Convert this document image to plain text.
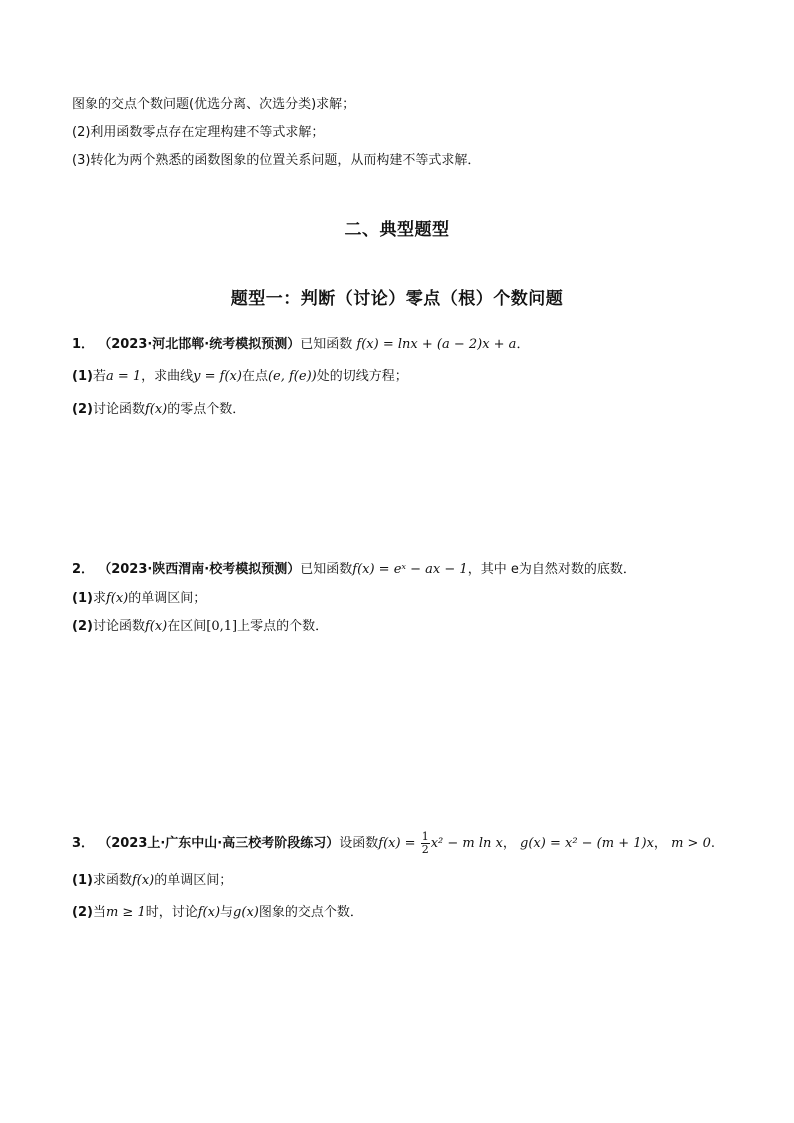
图象的交点个数问题(优选分离、次选分类)求解；
(2)利用函数零点存在定理构建不等式求解；
(3)转化为两个熟悉的函数图象的位置关系问题，从而构建不等式求解．
二、典型题型
题型一：判断（讨论）零点（根）个数问题
1． （2023·河北邯郸·统考模拟预测）已知函数 f(x) = lnx + (a − 2)x + a．
(1)若a = 1，求曲线y = f(x)在点(e, f(e))处的切线方程；
(2)讨论函数f(x)的零点个数．
2． （2023·陕西渭南·校考模拟预测）已知函数f(x) = eˣ − ax − 1，其中 e为自然对数的底数．
(1)求f(x)的单调区间；
(2)讨论函数f(x)在区间[0,1]上零点的个数．
3． （2023上·广东中山·高三校考阶段练习）设函数$f(x) = \frac{1}{2} x^2 - m$ ln x， g(x) = x² − (m + 1)x， m > 0.
(1)求函数f(x)的单调区间；
(2)当m ≥ 1时，讨论f(x)与g(x)图象的交点个数．
